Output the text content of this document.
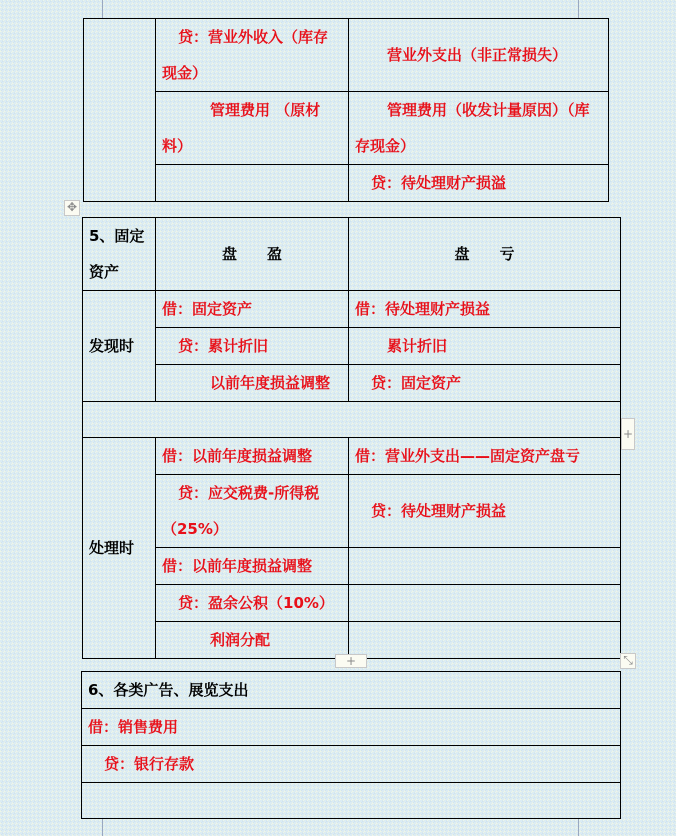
	贷：营业外收入（库存现金）	营业外支出（非正常损失）
	管理费用 （原材料）	管理费用（收发计量原因）（库存现金）
		贷：待处理财产损溢
✥
5、固定资产	盘　　盈	盘　　亏
发现时	借：固定资产	借：待处理财产损益
	贷：累计折旧	累计折旧
	以前年度损益调整	贷：固定资产

处理时	借：以前年度损益调整	借：营业外支出——固定资产盘亏
	贷：应交税费-所得税（25%）	贷：待处理财产损益
	借：以前年度损益调整	
	贷：盈余公积（10%）	
	利润分配	
+
+	⤡
6、各类广告、展览支出
借：销售费用
贷：银行存款
